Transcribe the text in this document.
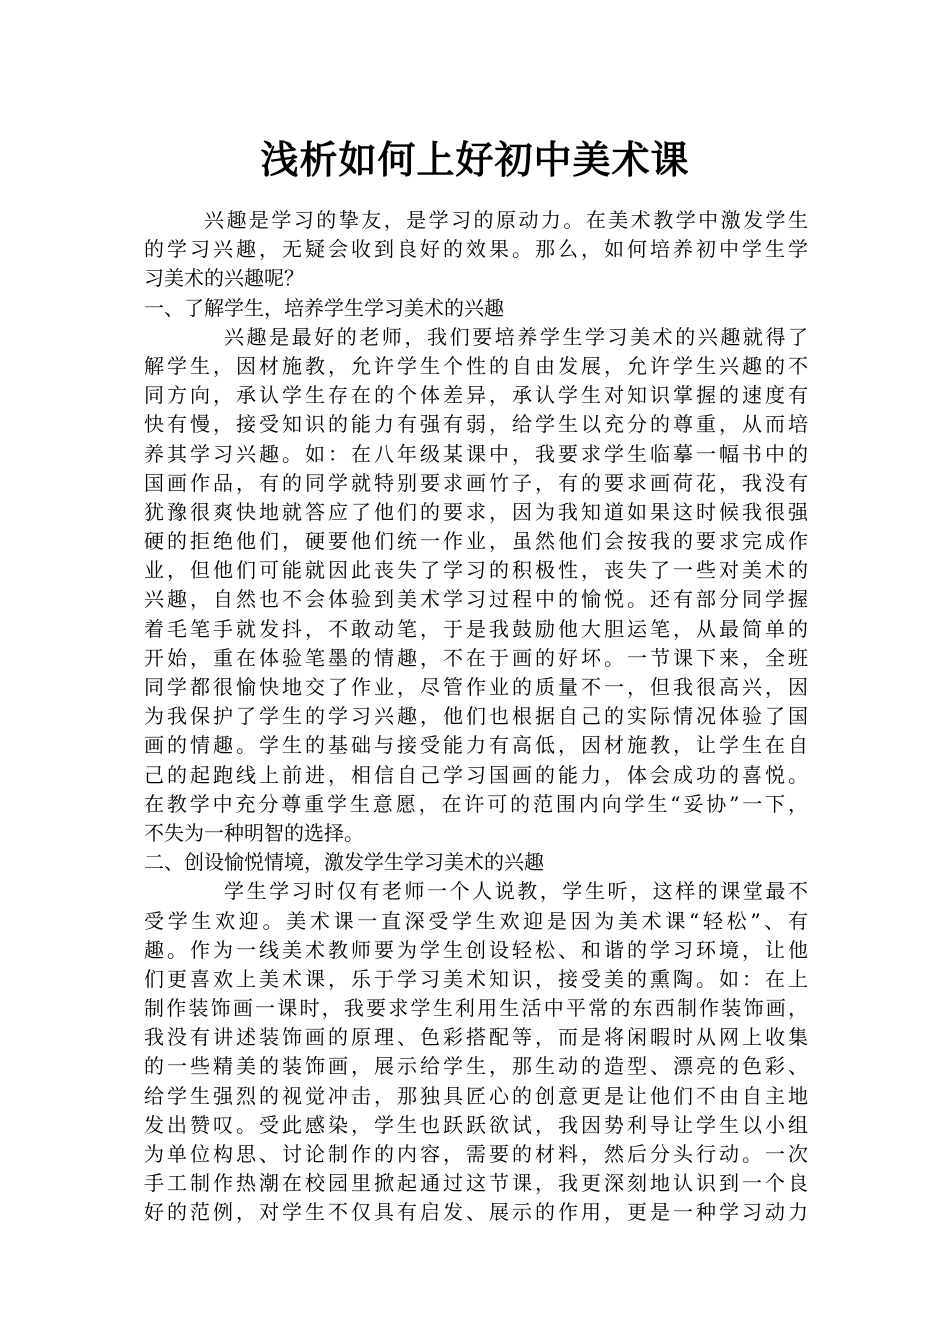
浅析如何上好初中美术课
兴趣是学习的挚友，是学习的原动力。在美术教学中激发学生
的学习兴趣，无疑会收到良好的效果。那么，如何培养初中学生学
习美术的兴趣呢？
一、了解学生，培养学生学习美术的兴趣
兴趣是最好的老师，我们要培养学生学习美术的兴趣就得了
解学生，因材施教，允许学生个性的自由发展，允许学生兴趣的不
同方向，承认学生存在的个体差异，承认学生对知识掌握的速度有
快有慢，接受知识的能力有强有弱，给学生以充分的尊重，从而培
养其学习兴趣。如：在八年级某课中，我要求学生临摹一幅书中的
国画作品，有的同学就特别要求画竹子，有的要求画荷花，我没有
犹豫很爽快地就答应了他们的要求，因为我知道如果这时候我很强
硬的拒绝他们，硬要他们统一作业，虽然他们会按我的要求完成作
业，但他们可能就因此丧失了学习的积极性，丧失了一些对美术的
兴趣，自然也不会体验到美术学习过程中的愉悦。还有部分同学握
着毛笔手就发抖，不敢动笔，于是我鼓励他大胆运笔，从最简单的
开始，重在体验笔墨的情趣，不在于画的好坏。一节课下来，全班
同学都很愉快地交了作业，尽管作业的质量不一，但我很高兴，因
为我保护了学生的学习兴趣，他们也根据自己的实际情况体验了国
画的情趣。学生的基础与接受能力有高低，因材施教，让学生在自
己的起跑线上前进，相信自己学习国画的能力，体会成功的喜悦。
在教学中充分尊重学生意愿，在许可的范围内向学生“妥协”一下，
不失为一种明智的选择。
二、创设愉悦情境，激发学生学习美术的兴趣
学生学习时仅有老师一个人说教，学生听，这样的课堂最不
受学生欢迎。美术课一直深受学生欢迎是因为美术课“轻松”、有
趣。作为一线美术教师要为学生创设轻松、和谐的学习环境，让他
们更喜欢上美术课，乐于学习美术知识，接受美的熏陶。如：在上
制作装饰画一课时，我要求学生利用生活中平常的东西制作装饰画，
我没有讲述装饰画的原理、色彩搭配等，而是将闲暇时从网上收集
的一些精美的装饰画，展示给学生，那生动的造型、漂亮的色彩、
给学生强烈的视觉冲击，那独具匠心的创意更是让他们不由自主地
发出赞叹。受此感染，学生也跃跃欲试，我因势利导让学生以小组
为单位构思、讨论制作的内容，需要的材料，然后分头行动。一次
手工制作热潮在校园里掀起通过这节课，我更深刻地认识到一个良
好的范例，对学生不仅具有启发、展示的作用，更是一种学习动力
